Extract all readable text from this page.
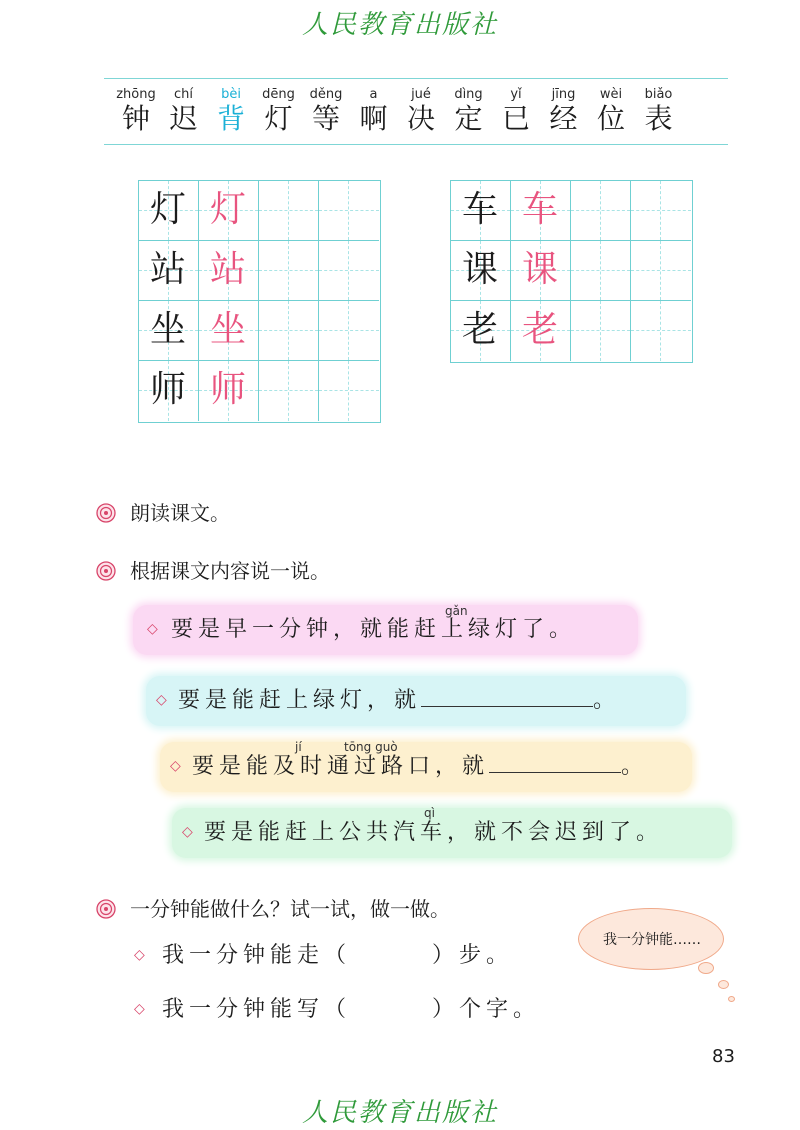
人民教育出版社
zhōng
钟
chí
迟
bèi
背
dēng
灯
děng
等
a
啊
jué
决
dìng
定
yǐ
已
jīng
经
wèi
位
biǎo
表
灯 灯
站 站
坐 坐
师 师
车 车
课 课
老 老
朗读课文。
根据课文内容说一说。
◇ 要是早一分钟，就能赶上绿灯了。
gǎn
◇ 要是能赶上绿灯，就	。
◇ 要是能及时通过路口，就	。
jí	tōng guò
◇ 要是能赶上公共汽车，就不会迟到了。
qì
一分钟能做什么？试一试，做一做。
◇ 我一分钟能走（　　　）步。
◇ 我一分钟能写（　　　）个字。
我一分钟能……
83
人民教育出版社
